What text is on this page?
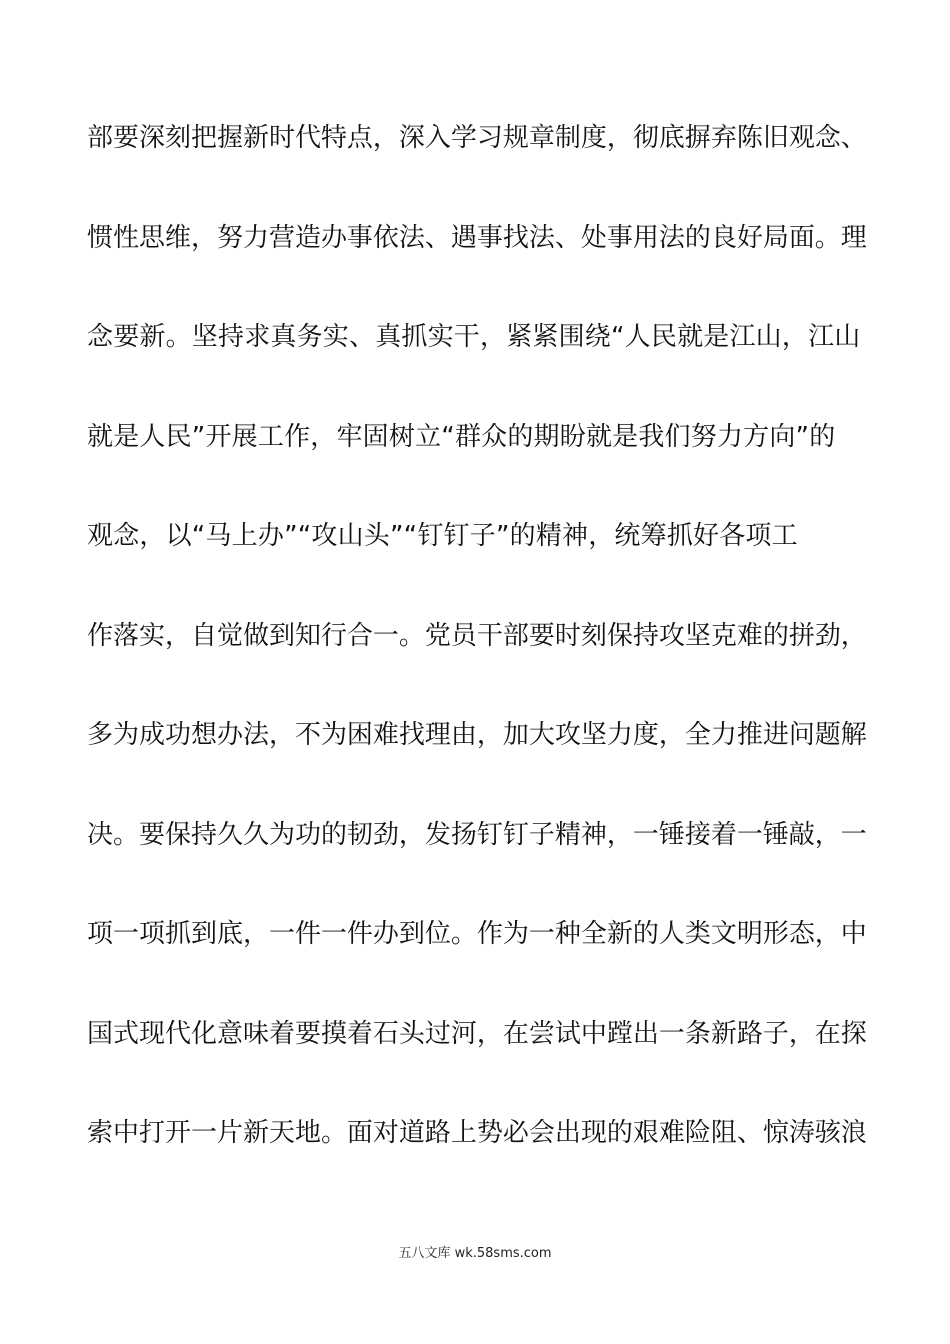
部要深刻把握新时代特点，深入学习规章制度，彻底摒弃陈旧观念、
惯性思维，努力营造办事依法、遇事找法、处事用法的良好局面。理
念要新。坚持求真务实、真抓实干，紧紧围绕“人民就是江山，江山
就是人民”开展工作，牢固树立“群众的期盼就是我们努力方向”的
观念，以“马上办”“攻山头”“钉钉子”的精神，统筹抓好各项工
作落实，自觉做到知行合一。党员干部要时刻保持攻坚克难的拼劲，
多为成功想办法，不为困难找理由，加大攻坚力度，全力推进问题解
决。要保持久久为功的韧劲，发扬钉钉子精神，一锤接着一锤敲，一
项一项抓到底，一件一件办到位。作为一种全新的人类文明形态，中
国式现代化意味着要摸着石头过河，在尝试中蹚出一条新路子，在探
索中打开一片新天地。面对道路上势必会出现的艰难险阻、惊涛骇浪
五八文库 wk.58sms.com
